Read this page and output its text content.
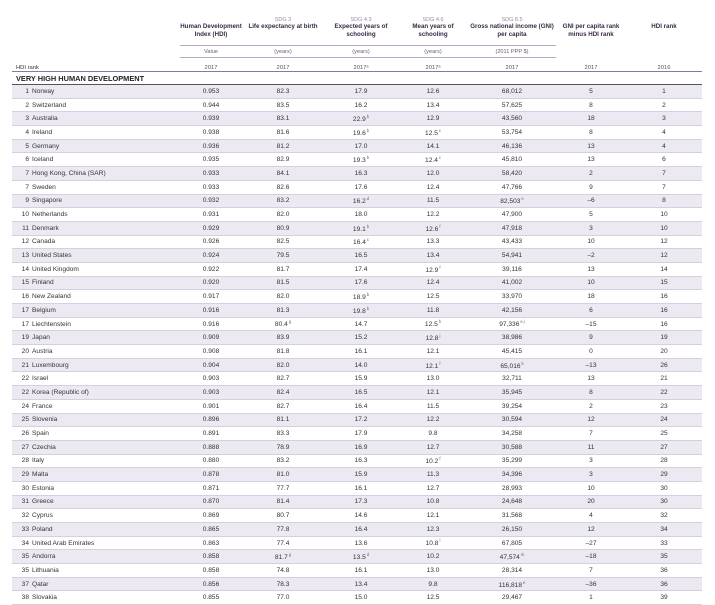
		SDG 3	SDG 4.3	SDG 4.6	SDG 8.5		
	Human Development Index (HDI)	Life expectancy at birth	Expected years of schooling	Mean years of schooling	Gross national income (GNI) per capita	GNI per capita rank minus HDI rank	HDI rank
	Value	(years)	(years)	(years)	(2011 PPP $)		
HDI rank	2017	2017	2017ᵃ	2017ᵃ	2017	2017	2016
VERY HIGH HUMAN DEVELOPMENT							
1 Norway	0.953	82.3	17.9	12.6	68,012	5	1
2 Switzerland	0.944	83.5	16.2	13.4	57,625	8	2
3 Australia	0.939	83.1	22.9$^b$	12.9	43,560	18	3
4 Ireland	0.938	81.6	19.6$^b$	12.5$^c$	53,754	8	4
5 Germany	0.936	81.2	17.0	14.1	46,136	13	4
6 Iceland	0.935	82.9	19.3$^b$	12.4$^c$	45,810	13	6
7 Hong Kong, China (SAR)	0.933	84.1	16.3	12.0	58,420	2	7
7 Sweden	0.933	82.6	17.6	12.4	47,766	9	7
9 Singapore	0.932	83.2	16.2$^d$	11.5	82,503e	–6	8
10 Netherlands	0.931	82.0	18.0	12.2	47,900	5	10
11 Denmark	0.929	80.9	19.1$^b$	12.6$^f$	47,918	3	10
12 Canada	0.926	82.5	16.4$^c$	13.3	43,433	10	12
13 United States	0.924	79.5	16.5	13.4	54,941	–2	12
14 United Kingdom	0.922	81.7	17.4	12.9$^f$	39,116	13	14
15 Finland	0.920	81.5	17.6	12.4	41,002	10	15
16 New Zealand	0.917	82.0	18.9$^b$	12.5	33,970	18	16
17 Belgium	0.916	81.3	19.8$^b$	11.8	42,156	6	16
17 Liechtenstein	0.916	80.4$^g$	14.7	12.5$^h$	97,336$^{e,i}$	–15	16
19 Japan	0.909	83.9	15.2	12.8$^j$	38,986	9	19
20 Austria	0.908	81.8	16.1	12.1	45,415	0	20
21 Luxembourg	0.904	82.0	14.0	12.1$^f$	65,016$^k$	–13	26
22 Israel	0.903	82.7	15.9	13.0	32,711	13	21
22 Korea (Republic of)	0.903	82.4	16.5	12.1	35,945	8	22
24 France	0.901	82.7	16.4	11.5	39,254	2	23
25 Slovenia	0.896	81.1	17.2	12.2	30,594	12	24
26 Spain	0.891	83.3	17.9	9.8	34,258	7	25
27 Czechia	0.888	78.9	16.9	12.7	30,588	11	27
28 Italy	0.880	83.2	16.3	10.2$^f$	35,299	3	28
29 Malta	0.878	81.0	15.9	11.3	34,396	3	29
30 Estonia	0.871	77.7	16.1	12.7	28,993	10	30
31 Greece	0.870	81.4	17.3	10.8	24,648	20	30
32 Cyprus	0.869	80.7	14.6	12.1	31,568	4	32
33 Poland	0.865	77.8	16.4	12.3	26,150	12	34
34 United Arab Emirates	0.863	77.4	13.6	10.8$^l$	67,805	–27	33
35 Andorra	0.858	81.7$^g$	13.5$^d$	10.2	47,574$^m$	–18	35
35 Lithuania	0.858	74.8	16.1	13.0	28,314	7	36
37 Qatar	0.856	78.3	13.4	9.8	116,818e	–36	36
38 Slovakia	0.855	77.0	15.0	12.5	29,467	1	39
